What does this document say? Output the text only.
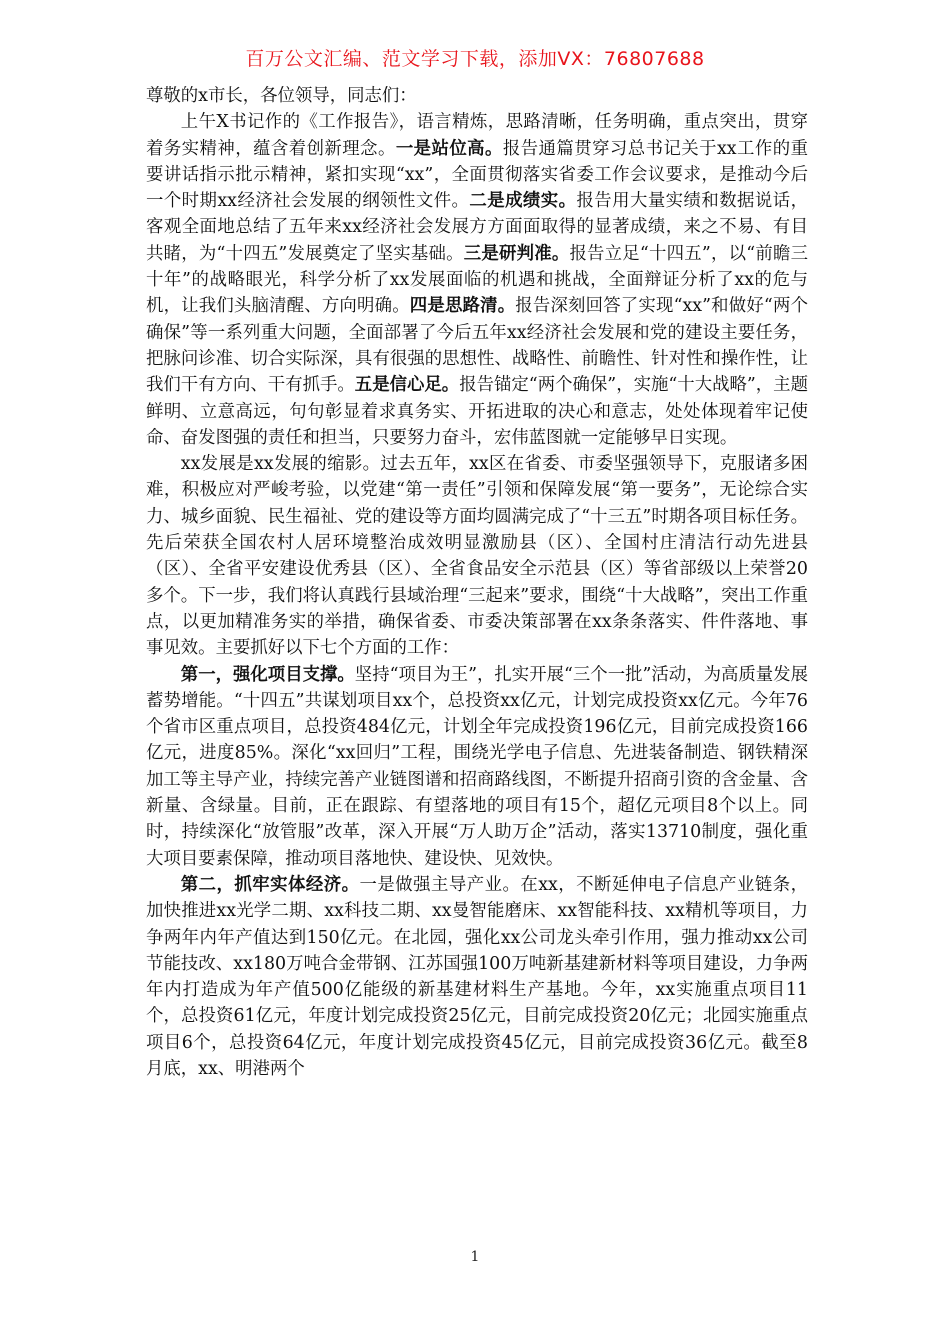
百万公文汇编、范文学习下载，添加VX：76807688

尊敬的x市长，各位领导，同志们：

上午X书记作的《工作报告》，语言精炼，思路清晰，任务明确，重点突出，贯穿着务实精神，蕴含着创新理念。一是站位高。报告通篇贯穿习总书记关于xx工作的重要讲话指示批示精神，紧扣实现“xx”，全面贯彻落实省委工作会议要求，是推动今后一个时期xx经济社会发展的纲领性文件。二是成绩实。报告用大量实绩和数据说话，客观全面地总结了五年来xx经济社会发展方方面面取得的显著成绩，来之不易、有目共睹，为“十四五”发展奠定了坚实基础。三是研判准。报告立足“十四五”，以“前瞻三十年”的战略眼光，科学分析了xx发展面临的机遇和挑战，全面辩证分析了xx的危与机，让我们头脑清醒、方向明确。四是思路清。报告深刻回答了实现“xx”和做好“两个确保”等一系列重大问题，全面部署了今后五年xx经济社会发展和党的建设主要任务，把脉问诊准、切合实际深，具有很强的思想性、战略性、前瞻性、针对性和操作性，让我们干有方向、干有抓手。五是信心足。报告锚定“两个确保”，实施“十大战略”，主题鲜明、立意高远，句句彰显着求真务实、开拓进取的决心和意志，处处体现着牢记使命、奋发图强的责任和担当，只要努力奋斗，宏伟蓝图就一定能够早日实现。

xx发展是xx发展的缩影。过去五年，xx区在省委、市委坚强领导下，克服诸多困难，积极应对严峻考验，以党建“第一责任”引领和保障发展“第一要务”，无论综合实力、城乡面貌、民生福祉、党的建设等方面均圆满完成了“十三五”时期各项目标任务。先后荣获全国农村人居环境整治成效明显激励县（区）、全国村庄清洁行动先进县（区）、全省平安建设优秀县（区）、全省食品安全示范县（区）等省部级以上荣誉20多个。下一步，我们将认真践行县域治理“三起来”要求，围绕“十大战略”，突出工作重点，以更加精准务实的举措，确保省委、市委决策部署在xx条条落实、件件落地、事事见效。主要抓好以下七个方面的工作：

第一，强化项目支撑。坚持“项目为王”，扎实开展“三个一批”活动，为高质量发展蓄势增能。“十四五”共谋划项目xx个，总投资xx亿元，计划完成投资xx亿元。今年76个省市区重点项目，总投资484亿元，计划全年完成投资196亿元，目前完成投资166亿元，进度85%。深化“xx回归”工程，围绕光学电子信息、先进装备制造、钢铁精深加工等主导产业，持续完善产业链图谱和招商路线图，不断提升招商引资的含金量、含新量、含绿量。目前，正在跟踪、有望落地的项目有15个，超亿元项目8个以上。同时，持续深化“放管服”改革，深入开展“万人助万企”活动，落实13710制度，强化重大项目要素保障，推动项目落地快、建设快、见效快。

第二，抓牢实体经济。一是做强主导产业。在xx，不断延伸电子信息产业链条，加快推进xx光学二期、xx科技二期、xx曼智能磨床、xx智能科技、xx精机等项目，力争两年内年产值达到150亿元。在北园，强化xx公司龙头牵引作用，强力推动xx公司节能技改、xx180万吨合金带钢、江苏国强100万吨新基建新材料等项目建设，力争两年内打造成为年产值500亿能级的新基建材料生产基地。今年，xx实施重点项目11个，总投资61亿元，年度计划完成投资25亿元，目前完成投资20亿元；北园实施重点项目6个，总投资64亿元，年度计划完成投资45亿元，目前完成投资36亿元。截至8月底，xx、明港两个

1
